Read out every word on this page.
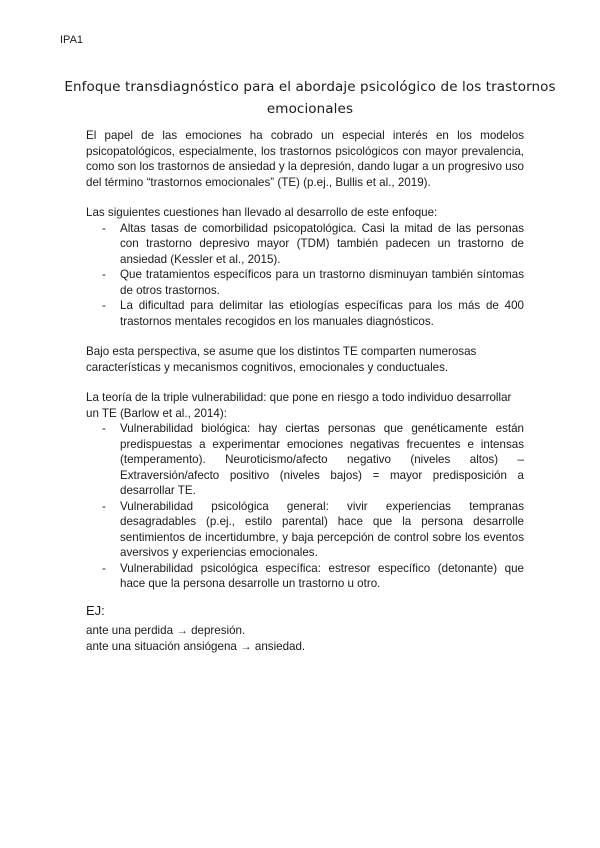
IPA1
Enfoque transdiagnóstico para el abordaje psicológico de los trastornos
emocionales

El papel de las emociones ha cobrado un especial interés en los modelos psicopatológicos, especialmente, los trastornos psicológicos con mayor prevalencia, como son los trastornos de ansiedad y la depresión, dando lugar a un progresivo uso del término “trastornos emocionales” (TE) (p.ej., Bullis et al., 2019).

Las siguientes cuestiones han llevado al desarrollo de este enfoque:

- Altas tasas de comorbilidad psicopatológica. Casi la mitad de las personas con trastorno depresivo mayor (TDM) también padecen un trastorno de ansiedad (Kessler et al., 2015).
- Que tratamientos específicos para un trastorno disminuyan también síntomas de otros trastornos.
- La dificultad para delimitar las etiologías específicas para los más de 400 trastornos mentales recogidos en los manuales diagnósticos.

Bajo esta perspectiva, se asume que los distintos TE comparten numerosas características y mecanismos cognitivos, emocionales y conductuales.

La teoría de la triple vulnerabilidad: que pone en riesgo a todo individuo desarrollar un TE (Barlow et al., 2014):

- Vulnerabilidad biológica: hay ciertas personas que genéticamente están predispuestas a experimentar emociones negativas frecuentes e intensas (temperamento). Neuroticismo/afecto negativo (niveles altos) – Extraversión/afecto positivo (niveles bajos) = mayor predisposición a desarrollar TE.
- Vulnerabilidad psicológica general: vivir experiencias tempranas desagradables (p.ej., estilo parental) hace que la persona desarrolle sentimientos de incertidumbre, y baja percepción de control sobre los eventos aversivos y experiencias emocionales.
- Vulnerabilidad psicológica específica: estresor específico (detonante) que hace que la persona desarrolle un trastorno u otro.
EJ:
ante una perdida → depresión.
ante una situación ansiógena → ansiedad.
